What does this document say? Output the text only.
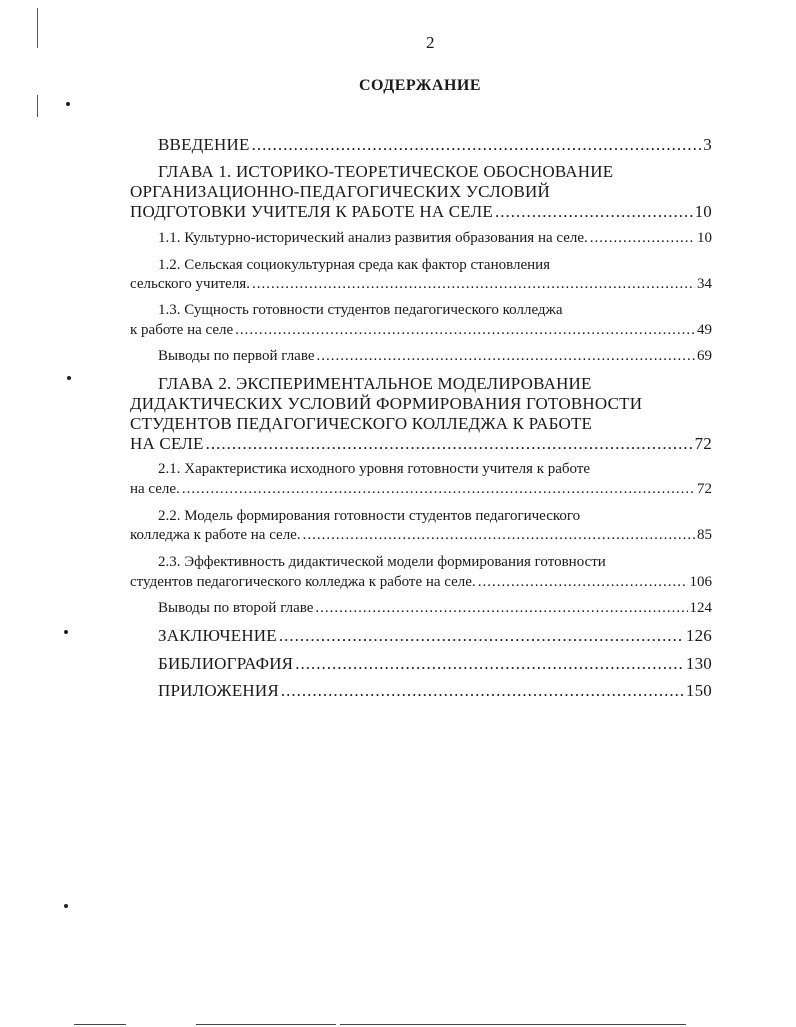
2
СОДЕРЖАНИЕ
ВВЕДЕНИЕ .....	3
ГЛАВА 1. ИСТОРИКО-ТЕОРЕТИЧЕСКОЕ ОБОСНОВАНИЕ
ОРГАНИЗАЦИОННО-ПЕДАГОГИЧЕСКИХ УСЛОВИЙ
ПОДГОТОВКИ УЧИТЕЛЯ К РАБОТЕ НА СЕЛЕ .....	10
1.1. Культурно-исторический анализ развития образования на селе. .....	10
1.2. Сельская социокультурная среда как фактор становления
сельского учителя. .....	34
1.3. Сущность готовности студентов педагогического колледжа
к работе на селе .....	49
Выводы по первой главе .....	69
ГЛАВА 2. ЭКСПЕРИМЕНТАЛЬНОЕ МОДЕЛИРОВАНИЕ
ДИДАКТИЧЕСКИХ УСЛОВИЙ ФОРМИРОВАНИЯ ГОТОВНОСТИ
СТУДЕНТОВ ПЕДАГОГИЧЕСКОГО КОЛЛЕДЖА К РАБОТЕ
НА СЕЛЕ .....	72
2.1. Характеристика исходного уровня готовности учителя к работе
на селе. .....	72
2.2. Модель формирования готовности студентов педагогического
колледжа к работе на селе. .....	85
2.3. Эффективность дидактической модели формирования готовности
студентов педагогического колледжа к работе на селе. .....	106
Выводы по второй главе .....	124
ЗАКЛЮЧЕНИЕ .....	126
БИБЛИОГРАФИЯ .....	130
ПРИЛОЖЕНИЯ .....	150
